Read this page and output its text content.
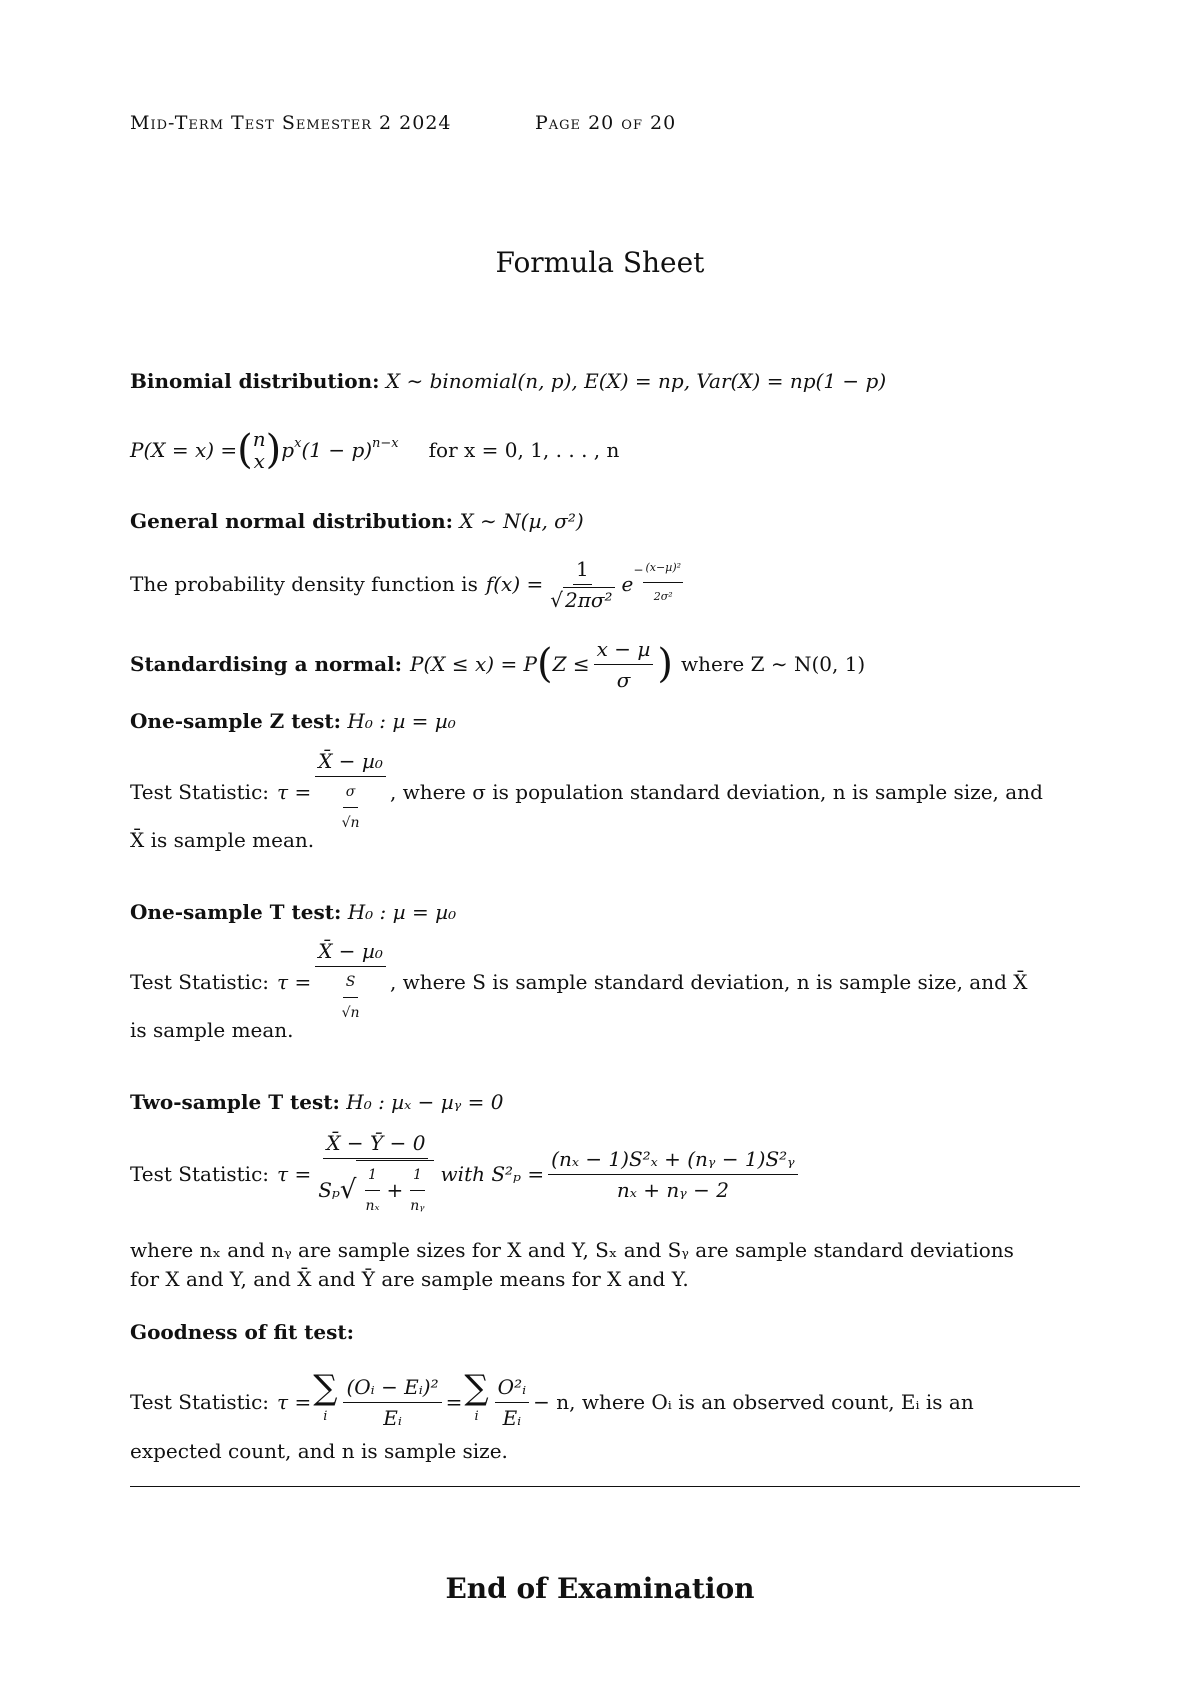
Mid-Term Test Semester 2 2024	Page 20 of 20
Formula Sheet
Binomial distribution: X ∼ binomial(n, p), E(X) = np, Var(X) = np(1 − p)
P(X = x) = ( n
x ) $p^x$ $(1 - p)^{n-x}$ for x = 0, 1, . . . , n
General normal distribution: X ∼ N(µ, σ²)
The probability density function is $f(x) = \frac{1}{\text{√ 2πσ²}}$ e
− $\frac{\text{(x−µ)²}}{\text{2σ²}}$
Standardising a normal: P(X ≤ x) = P ( $Z \le \frac{\text{x − µ}}{\sigma}$ ) where Z ∼ N(0, 1)
One-sample Z test: H₀ : µ = µ₀
Test Statistic: $\tau = \frac{\text{X̄ − µ₀}}{\frac{\sigma}{√n}}$ , where σ is population standard deviation, n is sample size, and
X̄ is sample mean.
One-sample T test: H₀ : µ = µ₀
Test Statistic: $\tau = \frac{\text{X̄ − µ₀}}{\frac{S}{√n}}$ , where S is sample standard deviation, n is sample size, and X̄
is sample mean.
Two-sample T test: H₀ : µₓ − µᵧ = 0
Test Statistic: τ =
X̄ − Ȳ − 0
Sₚ √ $\frac{1}{\text{nₓ}} + \frac{1}{\text{nᵧ}}$ with $S^2_p = \frac{\text{(nₓ − 1)S²ₓ + (nᵧ − 1)S²ᵧ}}{\text{nₓ + nᵧ − 2}}$
where nₓ and nᵧ are sample sizes for X and Y, Sₓ and Sᵧ are sample standard deviations
for X and Y, and X̄ and Ȳ are sample means for X and Y.
Goodness of fit test:
Test Statistic: τ = ∑
i $\frac{\text{(Oᵢ − Eᵢ)²}}{\text{Eᵢ}}$ = ∑
i $\frac{\text{O²ᵢ}}{\text{Eᵢ}} - n$, where Oᵢ is an observed count, Eᵢ is an
expected count, and n is sample size.
End of Examination
